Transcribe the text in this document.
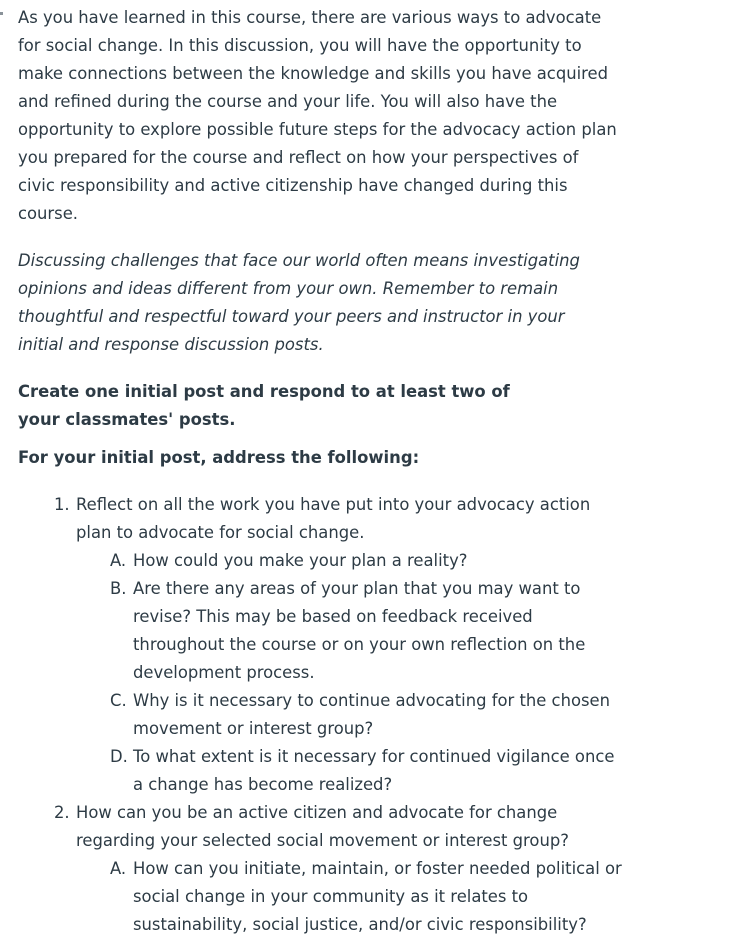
As you have learned in this course, there are various ways to advocate for social change. In this discussion, you will have the opportunity to make connections between the knowledge and skills you have acquired and refined during the course and your life. You will also have the opportunity to explore possible future steps for the advocacy action plan you prepared for the course and reflect on how your perspectives of civic responsibility and active citizenship have changed during this course.

Discussing challenges that face our world often means investigating opinions and ideas different from your own. Remember to remain thoughtful and respectful toward your peers and instructor in your initial and response discussion posts.

Create one initial post and respond to at least two of your classmates' posts.

For your initial post, address the following:

1. Reflect on all the work you have put into your advocacy action plan to advocate for social change.
A. How could you make your plan a reality?
B. Are there any areas of your plan that you may want to revise? This may be based on feedback received throughout the course or on your own reflection on the development process.
C. Why is it necessary to continue advocating for the chosen movement or interest group?
D. To what extent is it necessary for continued vigilance once a change has become realized?
2. How can you be an active citizen and advocate for change regarding your selected social movement or interest group?
A. How can you initiate, maintain, or foster needed political or social change in your community as it relates to sustainability, social justice, and/or civic responsibility?
